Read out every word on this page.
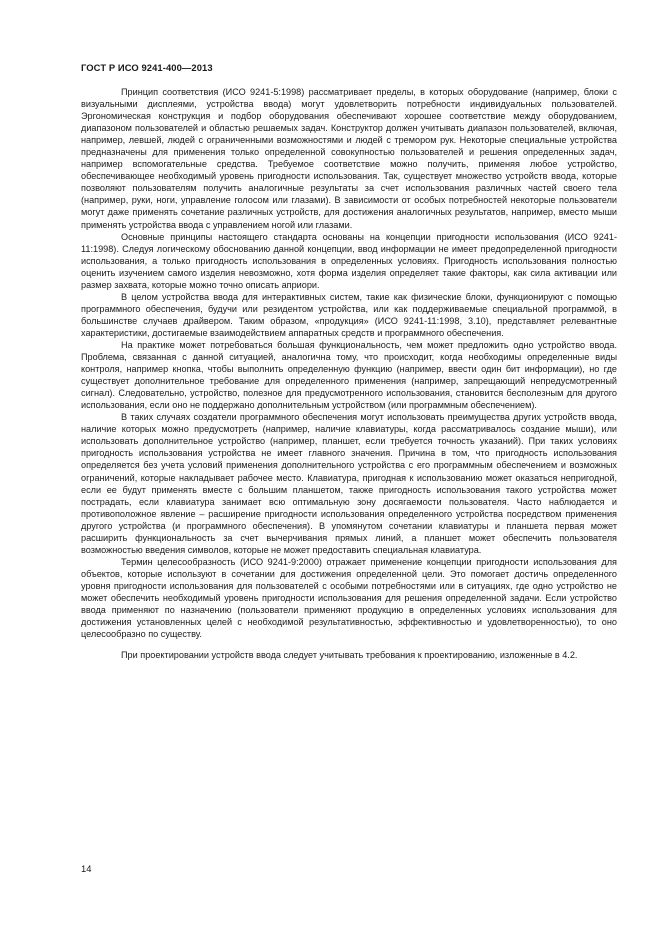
ГОСТ Р ИСО 9241-400—2013

Принцип соответствия (ИСО 9241-5:1998) рассматривает пределы, в которых оборудование (например, блоки с визуальными дисплеями, устройства ввода) могут удовлетворить потребности индивидуальных пользователей. Эргономическая конструкция и подбор оборудования обеспечивают хорошее соответствие между оборудованием, диапазоном пользователей и областью решаемых задач. Конструктор должен учитывать диапазон пользователей, включая, например, левшей, людей с ограниченными возможностями и людей с тремором рук. Некоторые специальные устройства предназначены для применения только определенной совокупностью пользователей и решения определенных задач, например вспомогательные средства. Требуемое соответствие можно получить, применяя любое устройство, обеспечивающее необходимый уровень пригодности использования. Так, существует множество устройств ввода, которые позволяют пользователям получить аналогичные результаты за счет использования различных частей своего тела (например, руки, ноги, управление голосом или глазами). В зависимости от особых потребностей некоторые пользователи могут даже применять сочетание различных устройств, для достижения аналогичных результатов, например, вместо мыши применять устройства ввода с управлением ногой или глазами.

Основные принципы настоящего стандарта основаны на концепции пригодности использования (ИСО 9241-11:1998). Следуя логическому обоснованию данной концепции, ввод информации не имеет предопределенной пригодности использования, а только пригодность использования в определенных условиях. Пригодность использования полностью оценить изучением самого изделия невозможно, хотя форма изделия определяет такие факторы, как сила активации или размер захвата, которые можно точно описать априори.

В целом устройства ввода для интерактивных систем, такие как физические блоки, функционируют с помощью программного обеспечения, будучи или резидентом устройства, или как поддерживаемые специальной программой, в большинстве случаев драйвером. Таким образом, «продукция» (ИСО 9241-11:1998, 3.10), представляет релевантные характеристики, достигаемые взаимодействием аппаратных средств и программного обеспечения.

На практике может потребоваться большая функциональность, чем может предложить одно устройство ввода. Проблема, связанная с данной ситуацией, аналогична тому, что происходит, когда необходимы определенные виды контроля, например кнопка, чтобы выполнить определенную функцию (например, ввести один бит информации), но где существует дополнительное требование для определенного применения (например, запрещающий непредусмотренный сигнал). Следовательно, устройство, полезное для предусмотренного использования, становится бесполезным для другого использования, если оно не поддержано дополнительным устройством (или программным обеспечением).

В таких случаях создатели программного обеспечения могут использовать преимущества других устройств ввода, наличие которых можно предусмотреть (например, наличие клавиатуры, когда рассматривалось создание мыши), или использовать дополнительное устройство (например, планшет, если требуется точность указаний). При таких условиях пригодность использования устройства не имеет главного значения. Причина в том, что пригодность использования определяется без учета условий применения дополнительного устройства с его программным обеспечением и возможных ограничений, которые накладывает рабочее место. Клавиатура, пригодная к использованию может оказаться непригодной, если ее будут применять вместе с большим планшетом, также пригодность использования такого устройства может пострадать, если клавиатура занимает всю оптимальную зону досягаемости пользователя. Часто наблюдается и противоположное явление – расширение пригодности использования определенного устройства посредством применения другого устройства (и программного обеспечения). В упомянутом сочетании клавиатуры и планшета первая может расширить функциональность за счет вычерчивания прямых линий, а планшет может обеспечить пользователя возможностью введения символов, которые не может предоставить специальная клавиатура.

Термин целесообразность (ИСО 9241-9:2000) отражает применение концепции пригодности использования для объектов, которые используют в сочетании для достижения определенной цели. Это помогает достичь определенного уровня пригодности использования для пользователей с особыми потребностями или в ситуациях, где одно устройство не может обеспечить необходимый уровень пригодности использования для решения определенной задачи. Если устройство ввода применяют по назначению (пользователи применяют продукцию в определенных условиях использования для достижения установленных целей с необходимой результативностью, эффективностью и удовлетворенностью), то оно целесообразно по существу.

При проектировании устройств ввода следует учитывать требования к проектированию, изложенные в 4.2.

14
